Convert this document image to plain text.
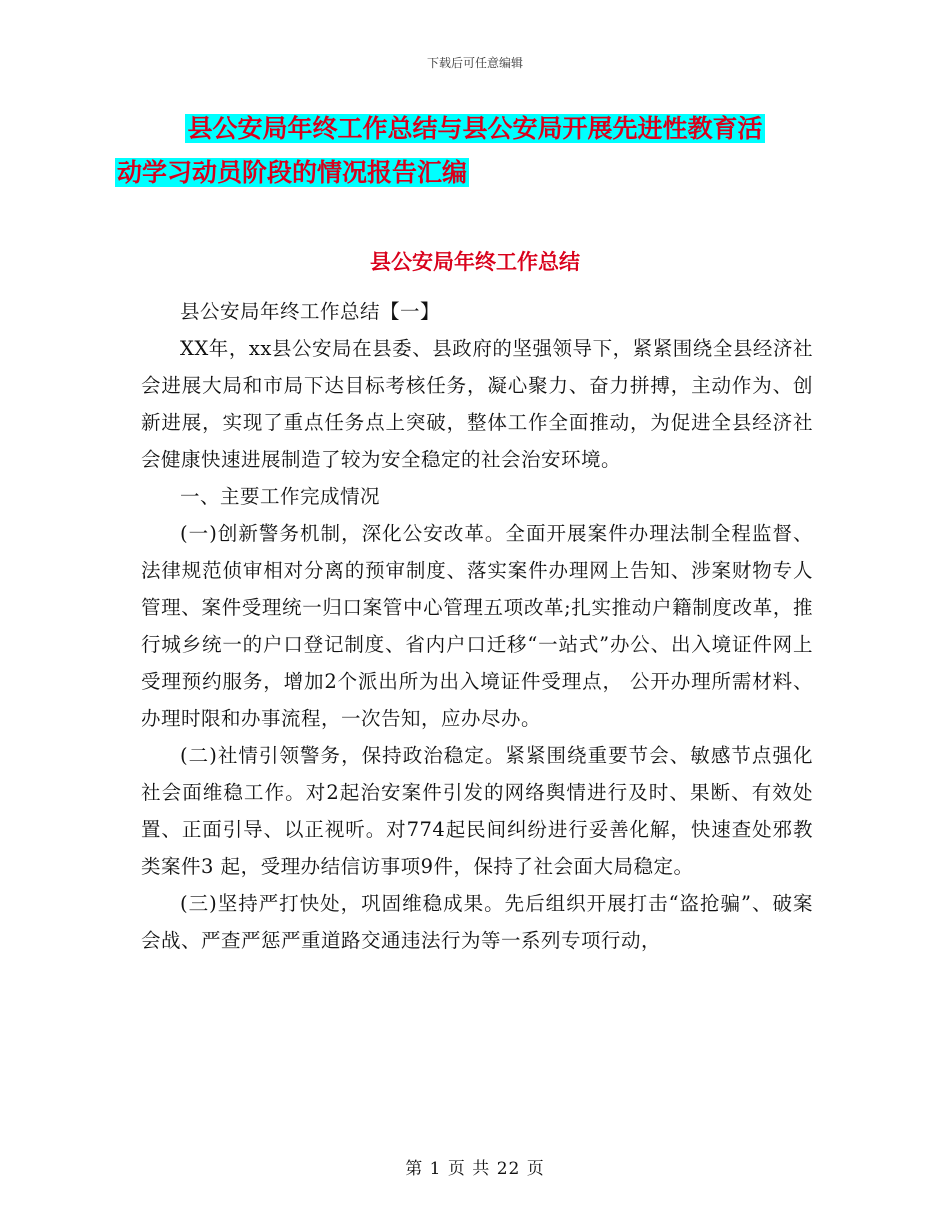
下载后可任意编辑
县公安局年终工作总结与县公安局开展先进性教育活
动学习动员阶段的情况报告汇编
县公安局年终工作总结

县公安局年终工作总结【一】

XX年，xx县公安局在县委、县政府的坚强领导下，紧紧围绕全县经济社会进展大局和市局下达目标考核任务，凝心聚力、奋力拼搏，主动作为、创新进展，实现了重点任务点上突破，整体工作全面推动，为促进全县经济社会健康快速进展制造了较为安全稳定的社会治安环境。

一、主要工作完成情况

(一)创新警务机制，深化公安改革。全面开展案件办理法制全程监督、法律规范侦审相对分离的预审制度、落实案件办理网上告知、涉案财物专人管理、案件受理统一归口案管中心管理五项改革;扎实推动户籍制度改革，推行城乡统一的户口登记制度、省内户口迁移“一站式”办公、出入境证件网上受理预约服务，增加2个派出所为出入境证件受理点， 公开办理所需材料、办理时限和办事流程，一次告知，应办尽办。

(二)社情引领警务，保持政治稳定。紧紧围绕重要节会、敏感节点强化社会面维稳工作。对2起治安案件引发的网络舆情进行及时、果断、有效处置、正面引导、以正视听。对774起民间纠纷进行妥善化解，快速查处邪教类案件3 起，受理办结信访事项9件，保持了社会面大局稳定。

(三)坚持严打快处，巩固维稳成果。先后组织开展打击“盗抢骗”、破案会战、严查严惩严重道路交通违法行为等一系列专项行动，

第 1 页 共 22 页
